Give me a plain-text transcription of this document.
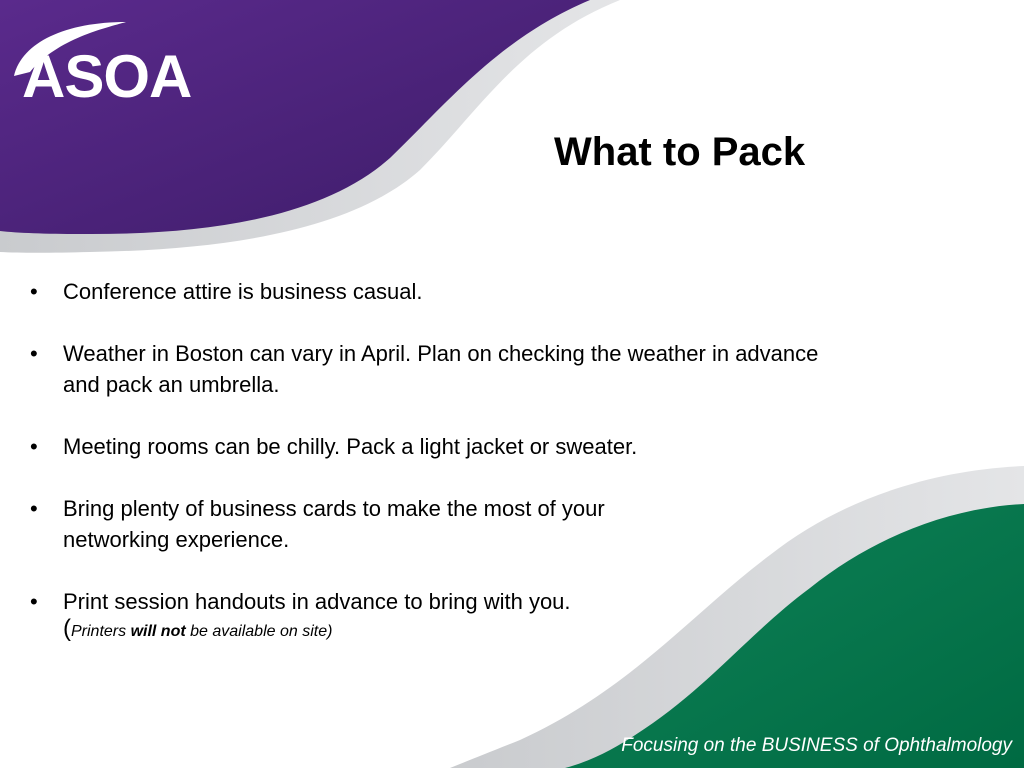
ASOA
What to Pack
• Conference attire is business casual.
• Weather in Boston can vary in April. Plan on checking the weather in advance and pack an umbrella.
• Meeting rooms can be chilly. Pack a light jacket or sweater.
• Bring plenty of business cards to make the most of your networking experience.
• Print session handouts in advance to bring with you.
(Printers will not be available on site)
Focusing on the BUSINESS of Ophthalmology
